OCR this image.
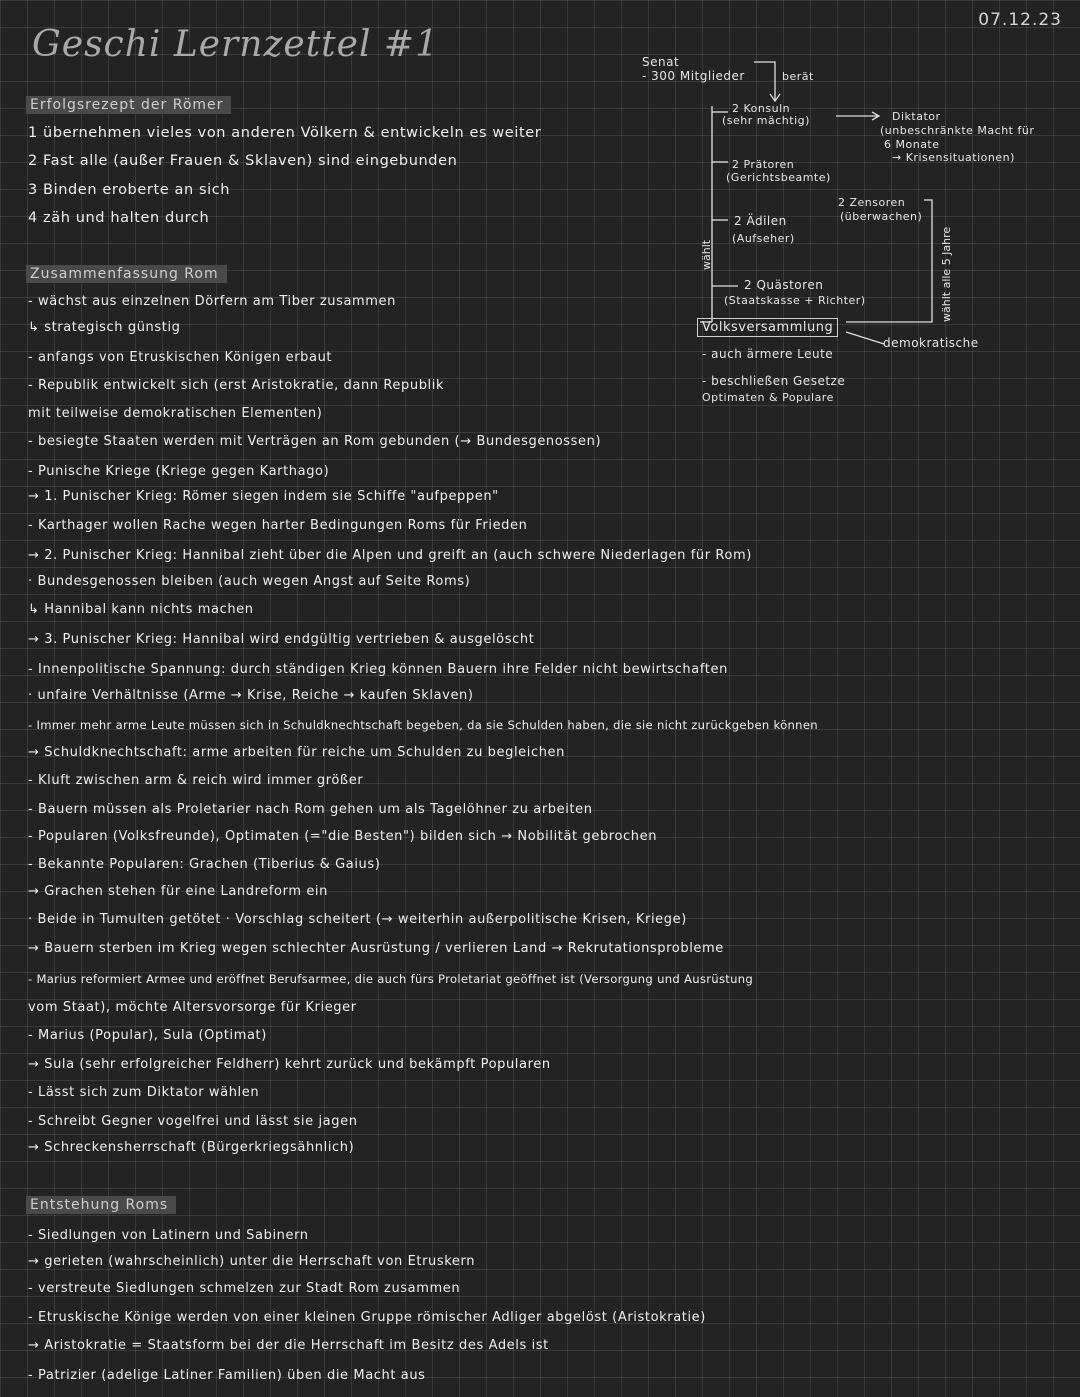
Geschi Lernzettel #1
07.12.23
Erfolgsrezept der Römer
1 übernehmen vieles von anderen Völkern & entwickeln es weiter
2 Fast alle (außer Frauen & Sklaven) sind eingebunden
3 Binden eroberte an sich
4 zäh und halten durch
Senat
- 300 Mitglieder	berät
2 Konsuln
(sehr mächtig)	Diktator
(unbeschränkte Macht für
6 Monate
→ Krisensituationen)
2 Prätoren
(Gerichtsbeamte)
2 Zensoren
(überwachen)
2 Ädilen
(Aufseher)
2 Quästoren
(Staatskasse + Richter)
wählt	wählt alle 5 Jahre
Volksversammlung
demokratische
- auch ärmere Leute
- beschließen Gesetze
Optimaten & Populare
Zusammenfassung Rom
- wächst aus einzelnen Dörfern am Tiber zusammen
↳ strategisch günstig
- anfangs von Etruskischen Königen erbaut
- Republik entwickelt sich (erst Aristokratie, dann Republik
mit teilweise demokratischen Elementen)
- besiegte Staaten werden mit Verträgen an Rom gebunden (→ Bundesgenossen)
- Punische Kriege (Kriege gegen Karthago)
→ 1. Punischer Krieg: Römer siegen indem sie Schiffe "aufpeppen"
- Karthager wollen Rache wegen harter Bedingungen Roms für Frieden
→ 2. Punischer Krieg: Hannibal zieht über die Alpen und greift an (auch schwere Niederlagen für Rom)
· Bundesgenossen bleiben (auch wegen Angst auf Seite Roms)
↳ Hannibal kann nichts machen
→ 3. Punischer Krieg: Hannibal wird endgültig vertrieben & ausgelöscht
- Innenpolitische Spannung: durch ständigen Krieg können Bauern ihre Felder nicht bewirtschaften
· unfaire Verhältnisse (Arme → Krise, Reiche → kaufen Sklaven)
- Immer mehr arme Leute müssen sich in Schuldknechtschaft begeben, da sie Schulden haben, die sie nicht zurückgeben können
→ Schuldknechtschaft: arme arbeiten für reiche um Schulden zu begleichen
- Kluft zwischen arm & reich wird immer größer
- Bauern müssen als Proletarier nach Rom gehen um als Tagelöhner zu arbeiten
- Popularen (Volksfreunde), Optimaten (="die Besten") bilden sich → Nobilität gebrochen
- Bekannte Popularen: Grachen (Tiberius & Gaius)
→ Grachen stehen für eine Landreform ein
· Beide in Tumulten getötet · Vorschlag scheitert (→ weiterhin außerpolitische Krisen, Kriege)
→ Bauern sterben im Krieg wegen schlechter Ausrüstung / verlieren Land → Rekrutationsprobleme
- Marius reformiert Armee und eröffnet Berufsarmee, die auch fürs Proletariat geöffnet ist (Versorgung und Ausrüstung
vom Staat), möchte Altersvorsorge für Krieger
- Marius (Popular), Sula (Optimat)
→ Sula (sehr erfolgreicher Feldherr) kehrt zurück und bekämpft Popularen
- Lässt sich zum Diktator wählen
- Schreibt Gegner vogelfrei und lässt sie jagen
→ Schreckensherrschaft (Bürgerkriegsähnlich)
Entstehung Roms
- Siedlungen von Latinern und Sabinern
→ gerieten (wahrscheinlich) unter die Herrschaft von Etruskern
- verstreute Siedlungen schmelzen zur Stadt Rom zusammen
- Etruskische Könige werden von einer kleinen Gruppe römischer Adliger abgelöst (Aristokratie)
→ Aristokratie = Staatsform bei der die Herrschaft im Besitz des Adels ist
- Patrizier (adelige Latiner Familien) üben die Macht aus
